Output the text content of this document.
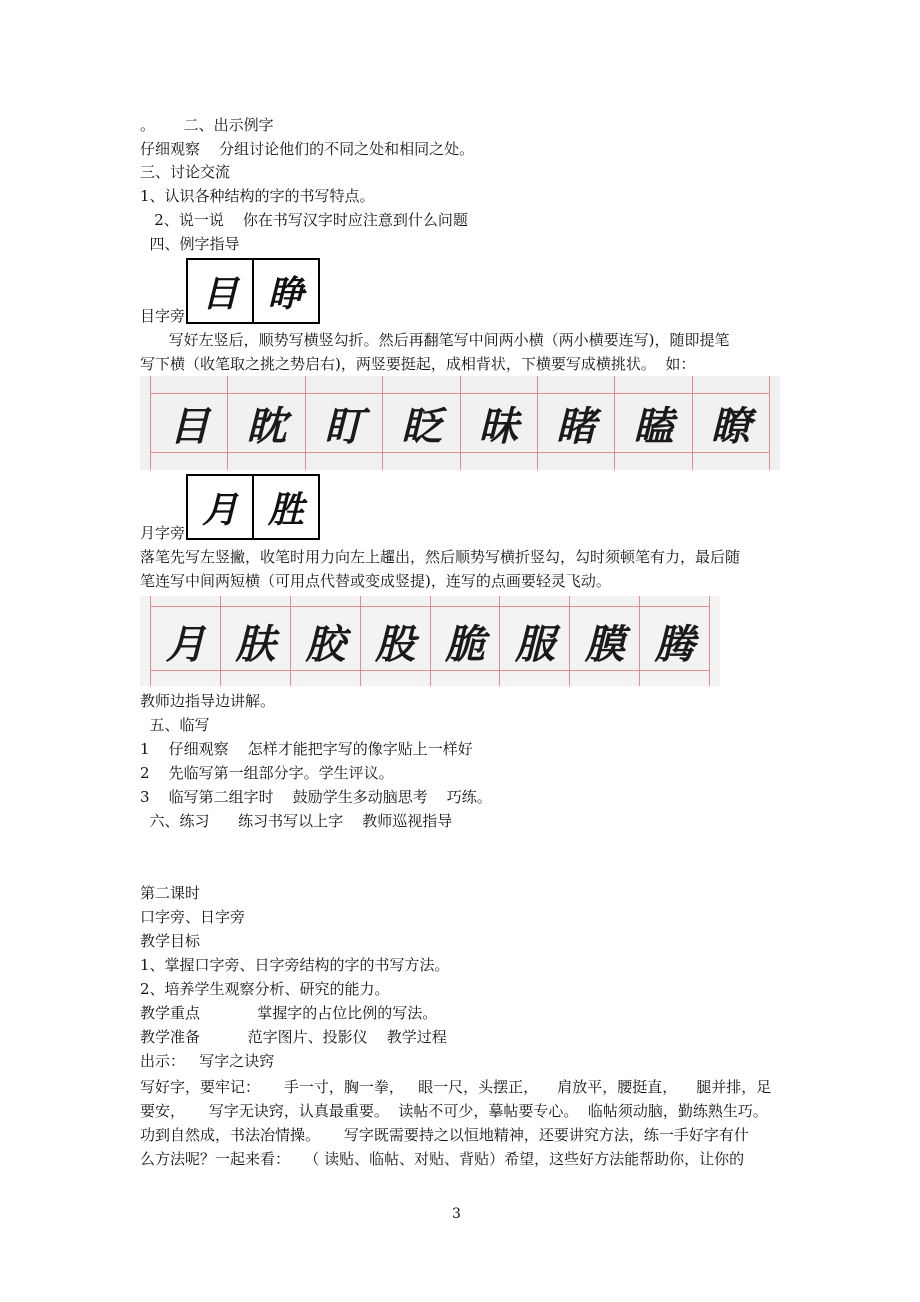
。      二、出示例字
仔细观察    分组讨论他们的不同之处和相同之处。
三、讨论交流
1、认识各种结构的字的书写特点。
2、说一说    你在书写汉字时应注意到什么问题
四、例字指导
目 睁
目字旁
写好左竖后，顺势写横竖勾折。然后再翻笔写中间两小横（两小横要连写)，随即提笔
写下横（收笔取之挑之势启右)，两竖要挺起，成相背状，下横要写成横挑状。  如：
目 眈 盯 眨 昧 睹 瞌 瞭
月 胜
月字旁
落笔先写左竖撇，收笔时用力向左上趯出，然后顺势写横折竖勾，勾时须顿笔有力，最后随
笔连写中间两短横（可用点代替或变成竖提)，连写的点画要轻灵飞动。
月 肤 胶 股 脆 服 膜 腾
教师边指导边讲解。
五、临写
1    仔细观察    怎样才能把字写的像字贴上一样好
2    先临写第一组部分字。学生评议。
3    临写第二组字时    鼓励学生多动脑思考    巧练。
六、练习      练习书写以上字    教师巡视指导
第二课时
口字旁、日字旁
教学目标
1、掌握口字旁、日字旁结构的字的书写方法。
2、培养学生观察分析、研究的能力。
教学重点            掌握字的占位比例的写法。
教学准备          范字图片、投影仪    教学过程
出示：   写字之诀窍
写好字，要牢记：     手一寸，胸一拳，   眼一尺，头摆正，    肩放平，腰挺直，    腿并排，足
要安，     写字无诀窍，认真最重要。  读帖不可少，摹帖要专心。  临帖须动脑，勤练熟生巧。
功到自然成，书法冶情操。     写字既需要持之以恒地精神，还要讲究方法，练一手好字有什
么方法呢？一起来看：   （ 读贴、临帖、对贴、背贴）希望，这些好方法能帮助你，让你的
3
